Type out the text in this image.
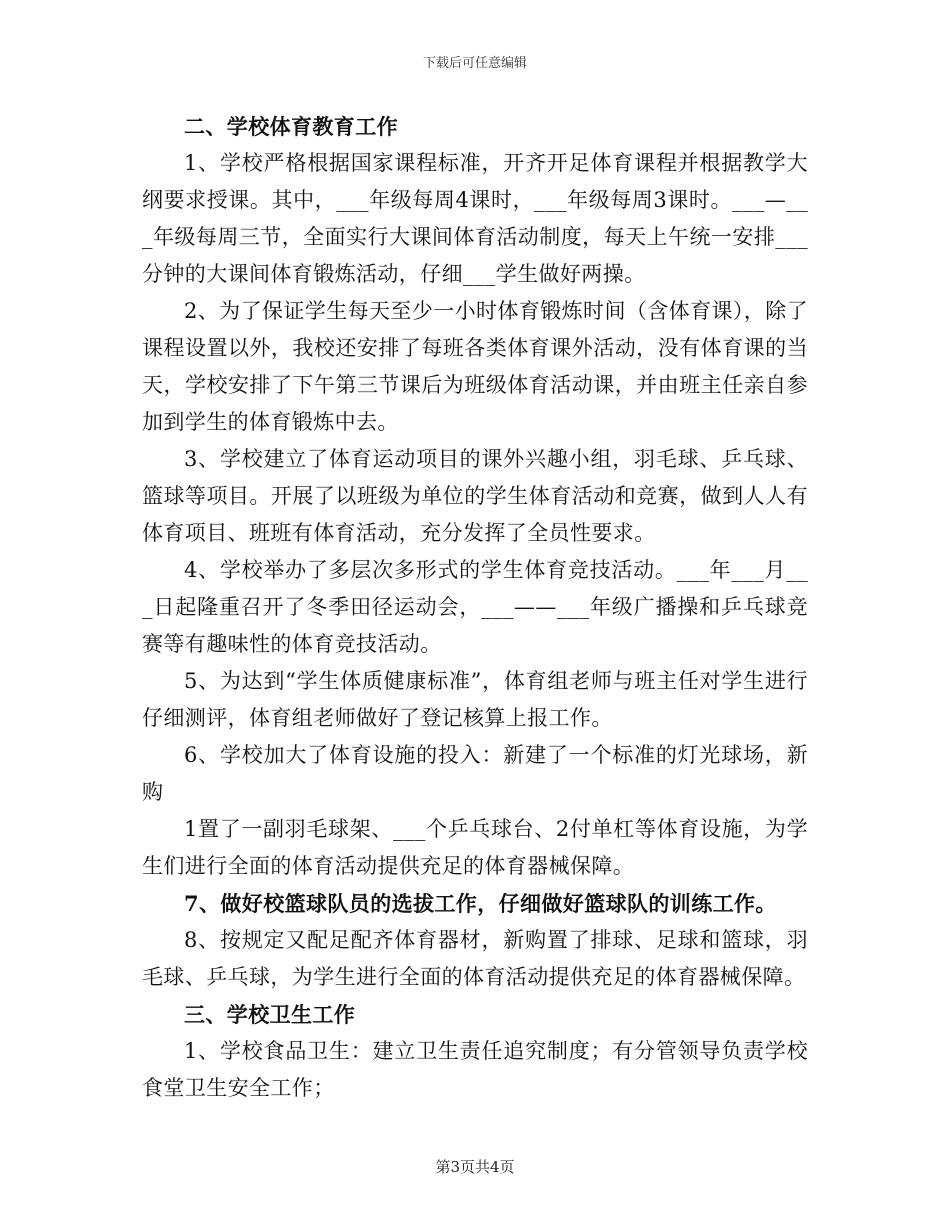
下载后可任意编辑

二、学校体育教育工作

1、学校严格根据国家课程标准，开齐开足体育课程并根据教学大纲要求授课。其中，___年级每周4课时，___年级每周3课时。___—___年级每周三节，全面实行大课间体育活动制度，每天上午统一安排___分钟的大课间体育锻炼活动，仔细___学生做好两操。

2、为了保证学生每天至少一小时体育锻炼时间（含体育课），除了课程设置以外，我校还安排了每班各类体育课外活动，没有体育课的当天，学校安排了下午第三节课后为班级体育活动课，并由班主任亲自参加到学生的体育锻炼中去。

3、学校建立了体育运动项目的课外兴趣小组，羽毛球、乒乓球、篮球等项目。开展了以班级为单位的学生体育活动和竞赛，做到人人有体育项目、班班有体育活动，充分发挥了全员性要求。

4、学校举办了多层次多形式的学生体育竞技活动。___年___月___日起隆重召开了冬季田径运动会，___——___年级广播操和乒乓球竞赛等有趣味性的体育竞技活动。

5、为达到“学生体质健康标准”，体育组老师与班主任对学生进行仔细测评，体育组老师做好了登记核算上报工作。

6、学校加大了体育设施的投入：新建了一个标准的灯光球场，新购

1置了一副羽毛球架、___个乒乓球台、2付单杠等体育设施，为学生们进行全面的体育活动提供充足的体育器械保障。

7、做好校篮球队员的选拔工作，仔细做好篮球队的训练工作。

8、按规定又配足配齐体育器材，新购置了排球、足球和篮球，羽毛球、乒乓球，为学生进行全面的体育活动提供充足的体育器械保障。

三、学校卫生工作

1、学校食品卫生：建立卫生责任追究制度；有分管领导负责学校食堂卫生安全工作；

第3页共4页
